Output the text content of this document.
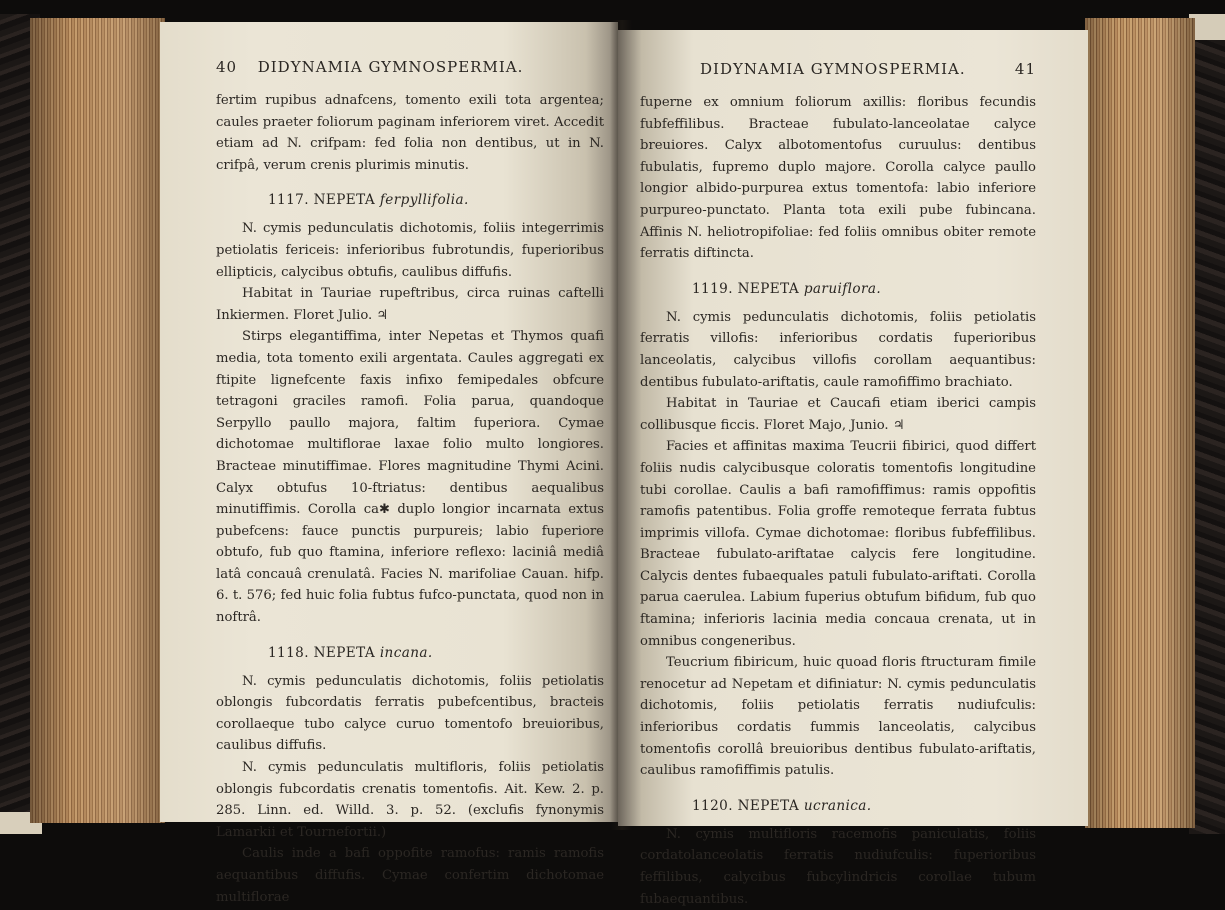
40 DIDYNAMIA GYMNOSPERMIA.

fertim rupibus adnafcens, tomento exili tota argentea; caules praeter foliorum paginam inferiorem viret. Accedit etiam ad N. crifpam: fed folia non dentibus, ut in N. crifpâ, verum crenis plurimis minutis.

1117. NEPETA ferpyllifolia.

N. cymis pedunculatis dichotomis, foliis integerrimis petiolatis fericeis: inferioribus fubrotundis, fuperioribus ellipticis, calycibus obtufis, caulibus diffufis.

Habitat in Tauriae rupeftribus, circa ruinas caftelli Inkiermen. Floret Julio. ♃

Stirps elegantiffima, inter Nepetas et Thymos quafi media, tota tomento exili argentata. Caules aggregati ex ftipite lignefcente faxis infixo femipedales obfcure tetragoni graciles ramofi. Folia parua, quandoque Serpyllo paullo majora, faltim fuperiora. Cymae dichotomae multiflorae laxae folio multo longiores. Bracteae minutiffimae. Flores magnitudine Thymi Acini. Calyx obtufus 10-ftriatus: dentibus aequalibus minutiffimis. Corolla ca✱ duplo longior incarnata extus pubefcens: fauce punctis purpureis; labio fuperiore obtufo, fub quo ftamina, inferiore reflexo: laciniâ mediâ latâ concauâ crenulatâ. Facies N. marifoliae Cauan. hifp. 6. t. 576; fed huic folia fubtus fufco-punctata, quod non in noftrâ.

1118. NEPETA incana.

N. cymis pedunculatis dichotomis, foliis petiolatis oblongis fubcordatis ferratis pubefcentibus, bracteis corollaeque tubo calyce curuo tomentofo breuioribus, caulibus diffufis.

N. cymis pedunculatis multifloris, foliis petiolatis oblongis fubcordatis crenatis tomentofis. Ait. Kew. 2. p. 285. Linn. ed. Willd. 3. p. 52. (exclufis fynonymis Lamarkii et Tournefortii.)

Caulis inde a bafi oppofite ramofus: ramis ramofis aequantibus diffufis. Cymae confertim dichotomae multiflorae

DIDYNAMIA GYMNOSPERMIA.	41

fuperne ex omnium foliorum axillis: floribus fecundis fubfeffilibus. Bracteae fubulato-lanceolatae calyce breuiores. Calyx albotomentofus curuulus: dentibus fubulatis, fupremo duplo majore. Corolla calyce paullo longior albido-purpurea extus tomentofa: labio inferiore purpureo-punctato. Planta tota exili pube fubincana. Affinis N. heliotropifoliae: fed foliis omnibus obiter remote ferratis diftincta.

1119. NEPETA paruiflora.

N. cymis pedunculatis dichotomis, foliis petiolatis ferratis villofis: inferioribus cordatis fuperioribus lanceolatis, calycibus villofis corollam aequantibus: dentibus fubulato-ariftatis, caule ramofiffimo brachiato.

Habitat in Tauriae et Caucafi etiam iberici campis collibusque ficcis. Floret Majo, Junio. ♃

Facies et affinitas maxima Teucrii fibirici, quod differt foliis nudis calycibusque coloratis tomentofis longitudine tubi corollae. Caulis a bafi ramofiffimus: ramis oppofitis ramofis patentibus. Folia groffe remoteque ferrata fubtus imprimis villofa. Cymae dichotomae: floribus fubfeffilibus. Bracteae fubulato-ariftatae calycis fere longitudine. Calycis dentes fubaequales patuli fubulato-ariftati. Corolla parua caerulea. Labium fuperius obtufum bifidum, fub quo ftamina; inferioris lacinia media concaua crenata, ut in omnibus congeneribus.

Teucrium fibiricum, huic quoad floris ftructuram fimile renocetur ad Nepetam et difiniatur: N. cymis pedunculatis dichotomis, foliis petiolatis ferratis nudiufculis: inferioribus cordatis fummis lanceolatis, calycibus tomentofis corollâ breuioribus dentibus fubulato-ariftatis, caulibus ramofiffimis patulis.

1120. NEPETA ucranica.

N. cymis multifloris racemofis paniculatis, foliis cordatolanceolatis ferratis nudiufculis: fuperioribus feffilibus, calycibus fubcylindricis corollae tubum fubaequantibus.
